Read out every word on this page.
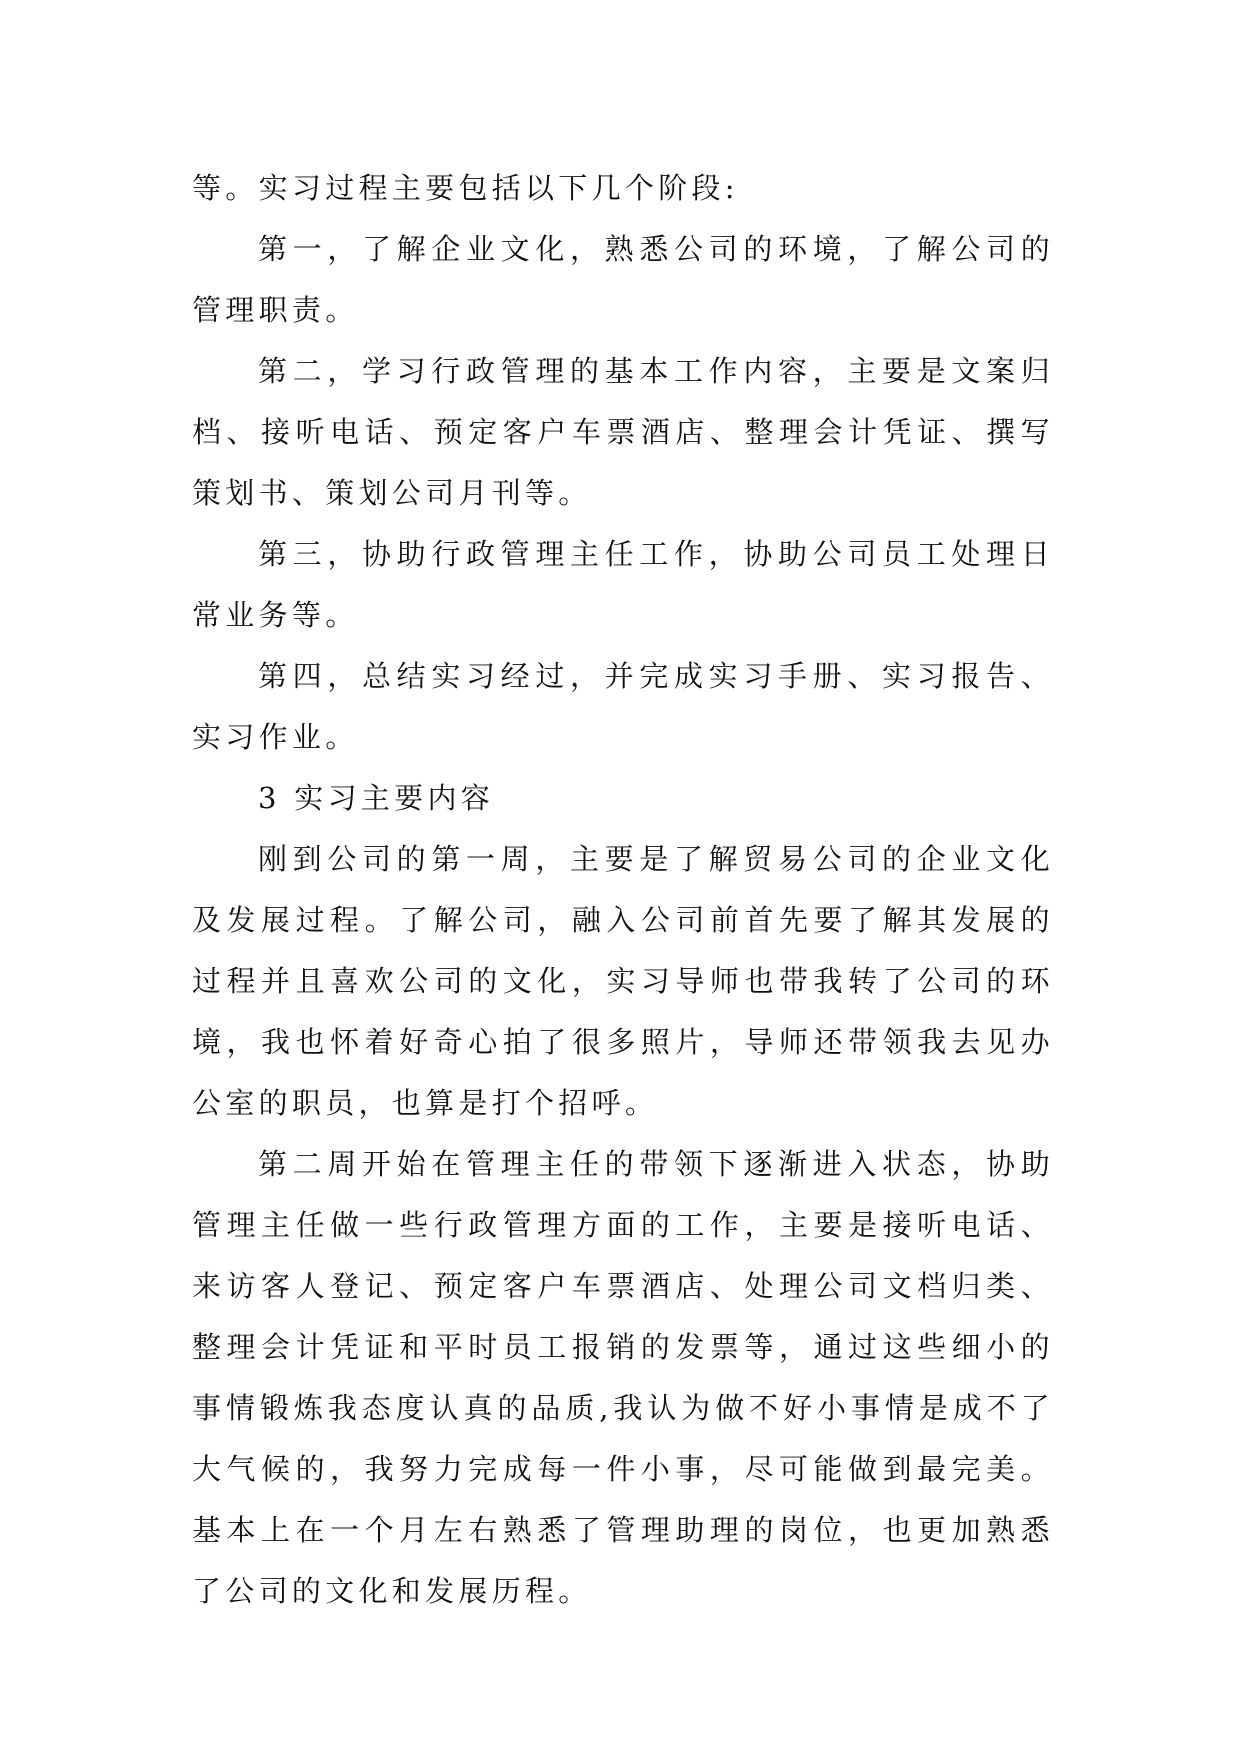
等。实习过程主要包括以下几个阶段:

第一，了解企业文化，熟悉公司的环境，了解公司的管理职责。

第二，学习行政管理的基本工作内容，主要是文案归档、接听电话、预定客户车票酒店、整理会计凭证、撰写策划书、策划公司月刊等。

第三，协助行政管理主任工作，协助公司员工处理日常业务等。

第四，总结实习经过，并完成实习手册、实习报告、实习作业。

3 实习主要内容

刚到公司的第一周，主要是了解贸易公司的企业文化及发展过程。了解公司，融入公司前首先要了解其发展的过程并且喜欢公司的文化，实习导师也带我转了公司的环境，我也怀着好奇心拍了很多照片，导师还带领我去见办公室的职员，也算是打个招呼。

第二周开始在管理主任的带领下逐渐进入状态，协助管理主任做一些行政管理方面的工作，主要是接听电话、来访客人登记、预定客户车票酒店、处理公司文档归类、整理会计凭证和平时员工报销的发票等，通过这些细小的事情锻炼我态度认真的品质,我认为做不好小事情是成不了大气候的，我努力完成每一件小事，尽可能做到最完美。基本上在一个月左右熟悉了管理助理的岗位，也更加熟悉了公司的文化和发展历程。
